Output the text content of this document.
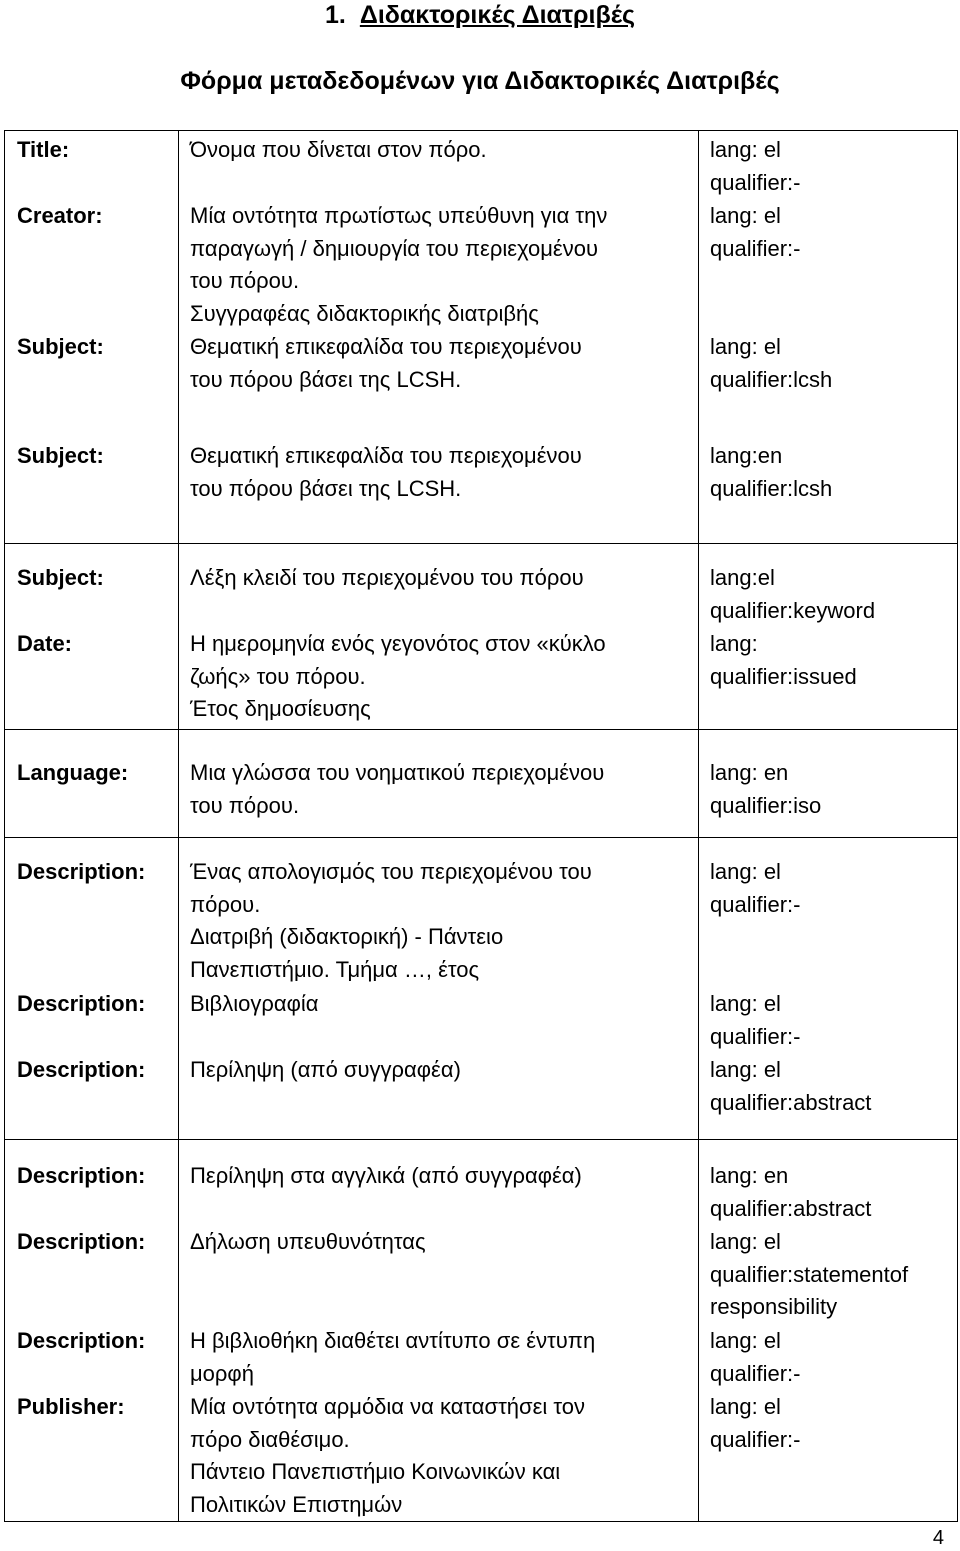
1. Διδακτορικές Διατριβές
Φόρμα μεταδεδομένων για Διδακτορικές Διατριβές
Title:	Όνομα που δίνεται στον πόρο.	lang: el
qualifier:-
Creator:	Μία οντότητα πρωτίστως υπεύθυνη για την
παραγωγή / δημιουργία του περιεχομένου
του πόρου.
Συγγραφέας διδακτορικής διατριβής
lang: el
qualifier:-
Subject:	Θεματική επικεφαλίδα του περιεχομένου
του πόρου βάσει της LCSH.
lang: el
qualifier:lcsh
Subject:	Θεματική επικεφαλίδα του περιεχομένου
του πόρου βάσει της LCSH.
lang:en
qualifier:lcsh
Subject:	Λέξη κλειδί του περιεχομένου του πόρου	lang:el
qualifier:keyword
Date:	Η ημερομηνία ενός γεγονότος στον «κύκλο
ζωής» του πόρου.
Έτος δημοσίευσης
lang:
qualifier:issued
Language:	Μια γλώσσα του νοηματικού περιεχομένου
του πόρου.
lang: en
qualifier:iso
Description: Ένας απολογισμός του περιεχομένου του
πόρου.
Διατριβή (διδακτορική) - Πάντειο
Πανεπιστήμιο. Τμήμα …, έτος
lang: el
qualifier:-
Description: Βιβλιογραφία	lang: el
qualifier:-
Description: Περίληψη (από συγγραφέα)	lang: el
qualifier:abstract
Description: Περίληψη στα αγγλικά (από συγγραφέα)	lang: en
qualifier:abstract
Description: Δήλωση υπευθυνότητας	lang: el
qualifier:statementof
responsibility
Description: Η βιβλιοθήκη διαθέτει αντίτυπο σε έντυπη
μορφή
lang: el
qualifier:-
Publisher:	Μία οντότητα αρμόδια να καταστήσει τον
πόρο διαθέσιμο.
Πάντειο Πανεπιστήμιο Κοινωνικών και
Πολιτικών Επιστημών
lang: el
qualifier:-
4
